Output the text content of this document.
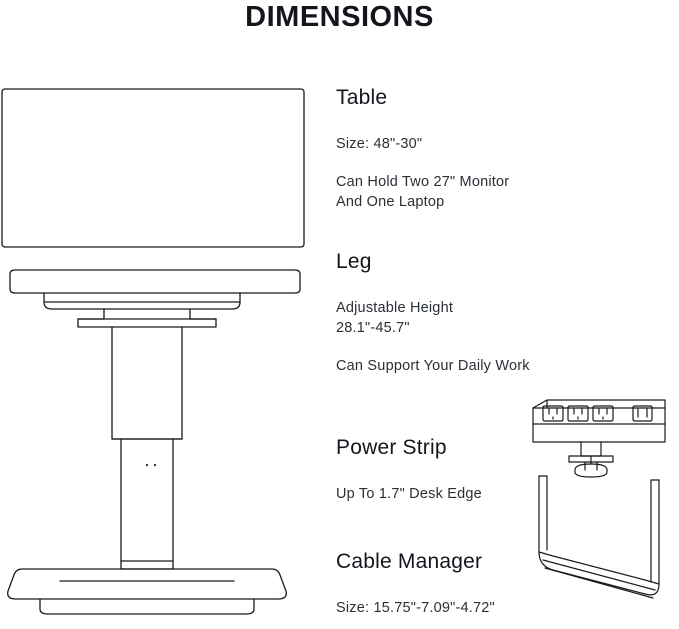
DIMENSIONS
Table
Size: 48"-30"
Can Hold Two 27" Monitor
And One Laptop
Leg
Adjustable Height
28.1"-45.7"
Can Support Your Daily Work
Power Strip
Up To 1.7" Desk Edge
Cable Manager
Size: 15.75"-7.09"-4.72"
